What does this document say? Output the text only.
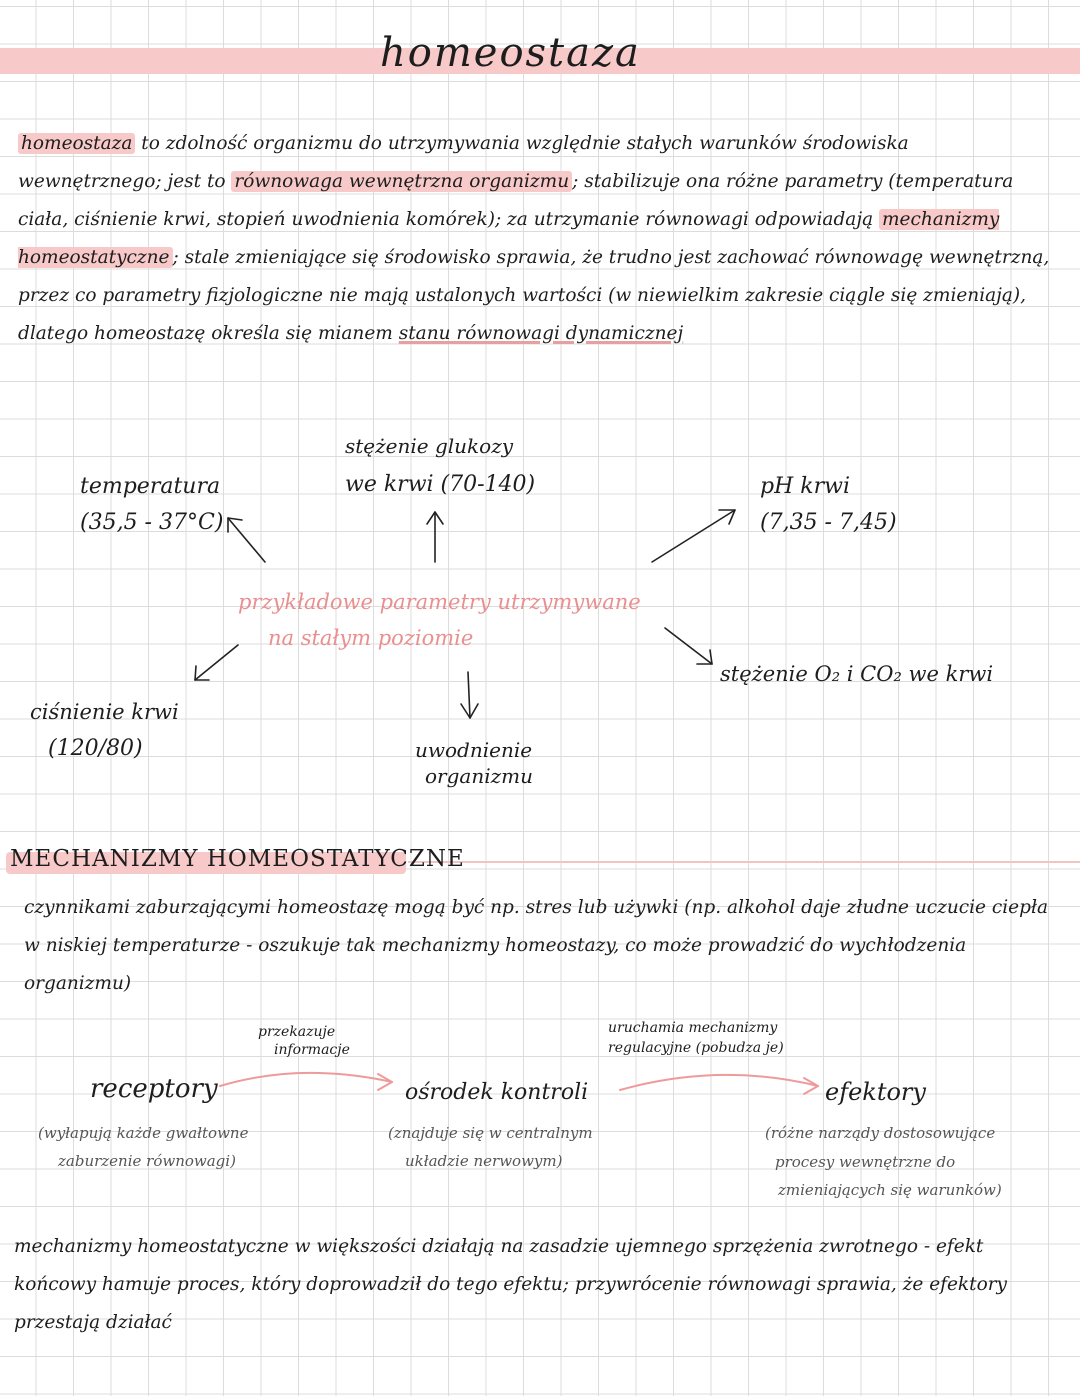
homeostaza

homeostaza to zdolność organizmu do utrzymywania względnie stałych warunków środowiska wewnętrznego; jest to równowaga wewnętrzna organizmu ; stabilizuje ona różne parametry (temperatura ciała, ciśnienie krwi, stopień uwodnienia komórek); za utrzymanie równowagi odpowiadają mechanizmy homeostatyczne ; stale zmieniające się środowisko sprawia, że trudno jest zachować równowagę wewnętrzną, przez co parametry fizjologiczne nie mają ustalonych wartości (w niewielkim zakresie ciągle się zmieniają), dlatego homeostazę określa się mianem stanu równowagi dynamicznej

stężenie glukozy
we krwi (70-140)
temperatura
(35,5 - 37°C)
pH krwi
(7,35 - 7,45)
przykładowe parametry utrzymywane
na stałym poziomie
stężenie O₂ i CO₂ we krwi
ciśnienie krwi
(120/80)	uwodnienie
organizmu
MECHANIZMY HOMEOSTATYCZNE

czynnikami zaburzającymi homeostazę mogą być np. stres lub używki (np. alkohol daje złudne uczucie ciepła w niskiej temperaturze - oszukuje tak mechanizmy homeostazy, co może prowadzić do wychłodzenia organizmu)

przekazuje
informacje
uruchamia mechanizmy
regulacyjne (pobudza je)
receptory	ośrodek kontroli	efektory
(wyłapują każde gwałtowne
zaburzenie równowagi)
(znajduje się w centralnym
układzie nerwowym)
(różne narządy dostosowujące
procesy wewnętrzne do
zmieniających się warunków)

mechanizmy homeostatyczne w większości działają na zasadzie ujemnego sprzężenia zwrotnego - efekt końcowy hamuje proces, który doprowadził do tego efektu; przywrócenie równowagi sprawia, że efektory przestają działać
